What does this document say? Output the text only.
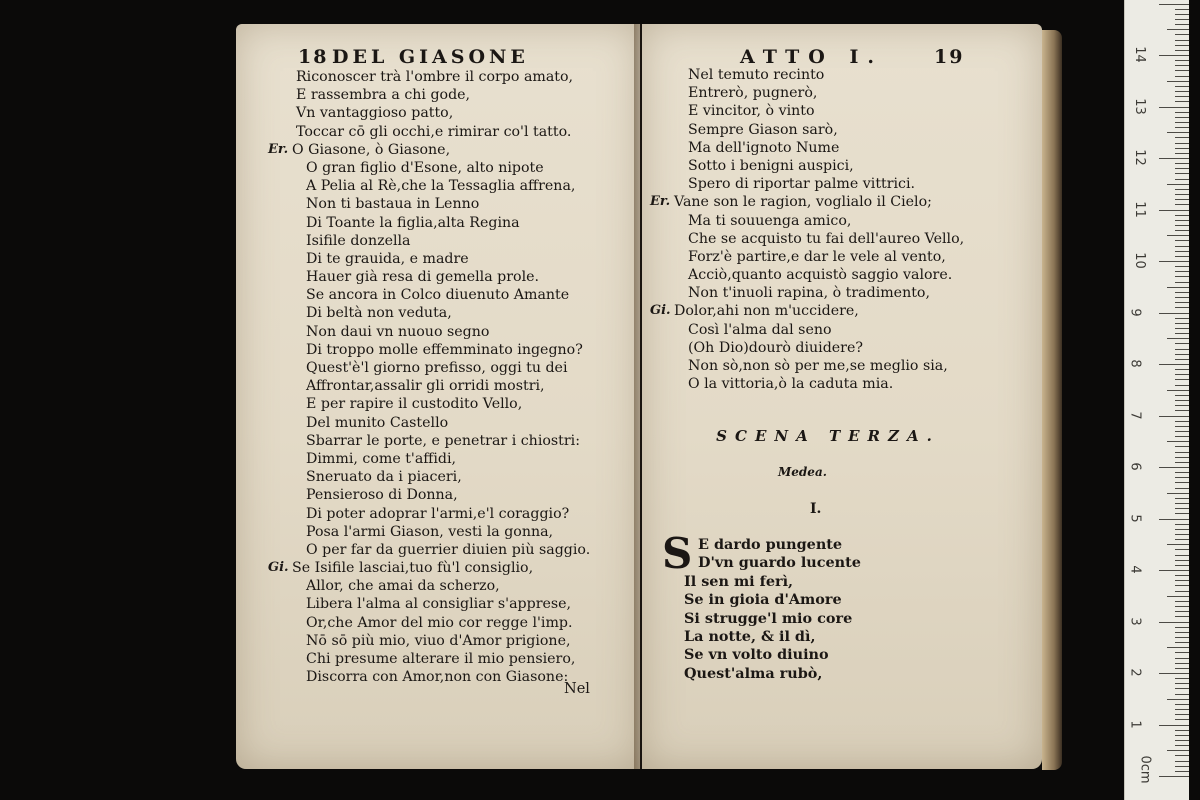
18 DEL GIASONE
Riconoscer trà l'ombre il corpo amato,
E rassembra a chi gode,
Vn vantaggioso patto,
Toccar cō gli occhi,e rimirar co'l tatto.
Er. O Giasone, ò Giasone,
O gran figlio d'Esone, alto nipote
A Pelia al Rè,che la Tessaglia affrena,
Non ti bastaua in Lenno
Di Toante la figlia,alta Regina
Isifile donzella
Di te grauida, e madre
Hauer già resa di gemella prole.
Se ancora in Colco diuenuto Amante
Di beltà non veduta,
Non daui vn nuouo segno
Di troppo molle effemminato ingegno?
Quest'è'l giorno prefisso, oggi tu dei
Affrontar,assalir gli orridi mostri,
E per rapire il custodito Vello,
Del munito Castello
Sbarrar le porte, e penetrar i chiostri:
Dimmi, come t'affidi,
Sneruato da i piaceri,
Pensieroso di Donna,
Di poter adoprar l'armi,e'l coraggio?
Posa l'armi Giason, vesti la gonna,
O per far da guerrier diuien più saggio.
Gi. Se Isifile lasciai,tuo fù'l consiglio,
Allor, che amai da scherzo,
Libera l'alma al consigliar s'apprese,
Or,che Amor del mio cor regge l'imp.
Nō sō più mio, viuo d'Amor prigione,
Chi presume alterare il mio pensiero,
Discorra con Amor,non con Giasone:
Nel
ATTO I.	19
Nel temuto recinto
Entrerò, pugnerò,
E vincitor, ò vinto
Sempre Giason sarò,
Ma dell'ignoto Nume
Sotto i benigni auspici,
Spero di riportar palme vittrici.
Er. Vane son le ragion, voglialo il Cielo;
Ma ti souuenga amico,
Che se acquisto tu fai dell'aureo Vello,
Forz'è partire,e dar le vele al vento,
Acciò,quanto acquistò saggio valore.
Non t'inuoli rapina, ò tradimento,
Gi. Dolor,ahi non m'uccidere,
Così l'alma dal seno
(Oh Dio)dourò diuidere?
Non sò,non sò per me,se meglio sia,
O la vittoria,ò la caduta mia.
SCENA TERZA.
Medea.
I.
S E dardo pungente
D'vn guardo lucente
Il sen mi ferì,
Se in gioia d'Amore
Si strugge'l mio core
La notte, & il dì,
Se vn volto diuino
Quest'alma rubò,
0cm
1
2
3
4
5
6
7
8
9
10
11
12
13
14
